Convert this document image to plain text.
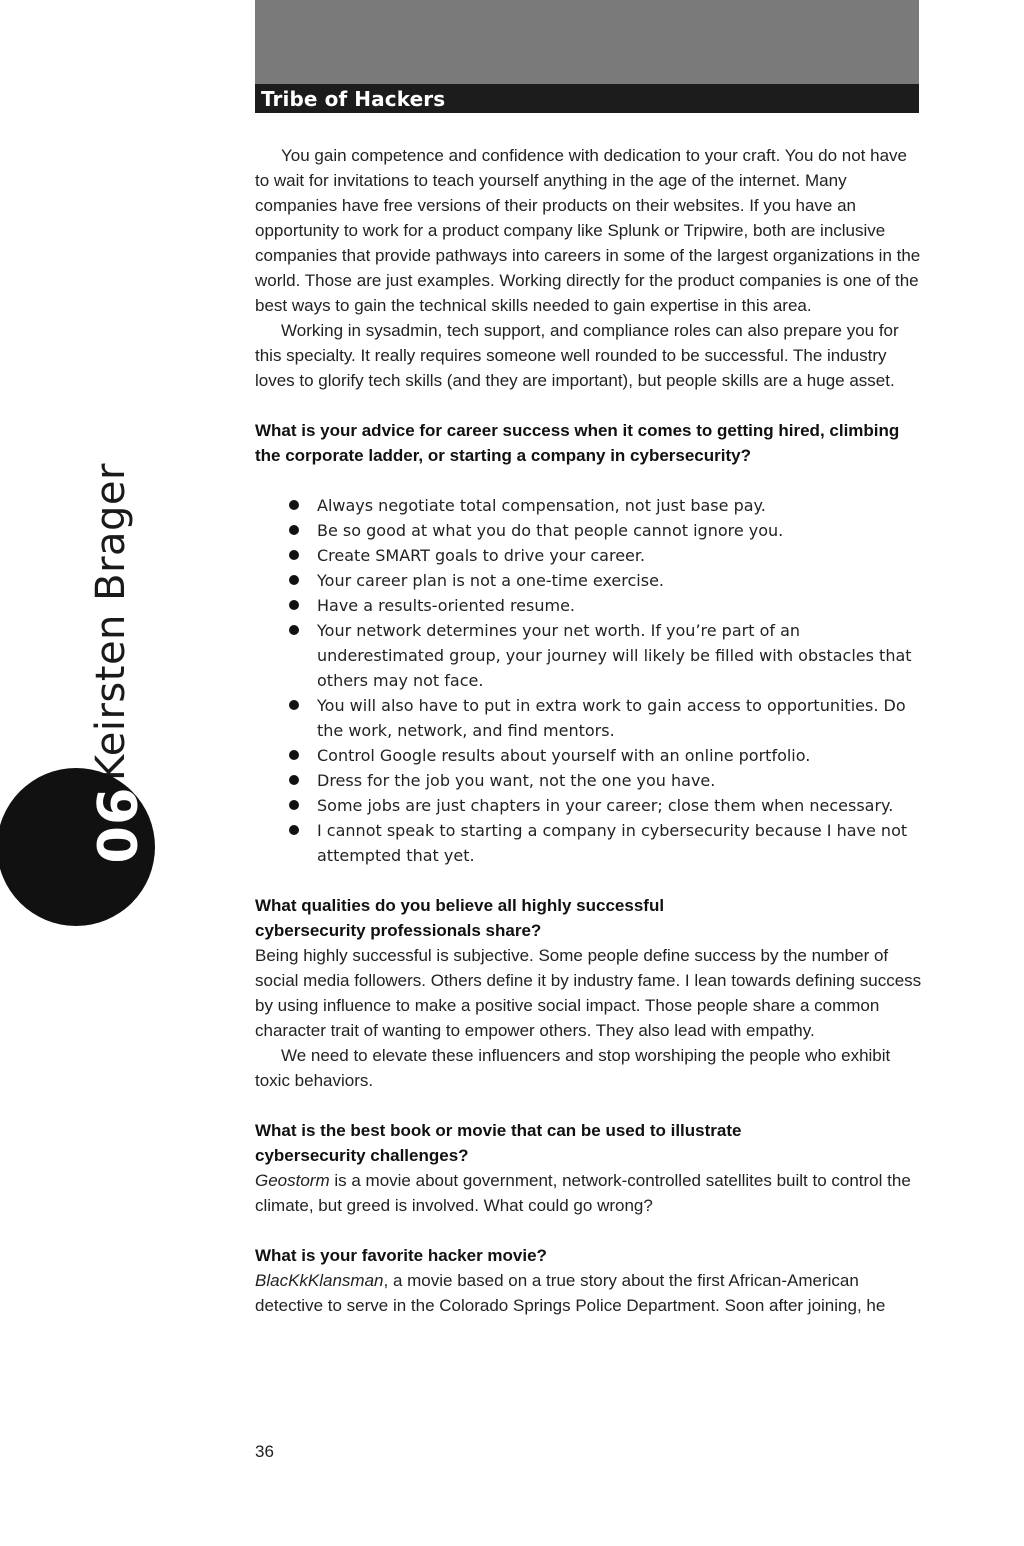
Tribe of Hackers
Keirsten Brager
06

You gain competence and confidence with dedication to your craft. You do not have to wait for invitations to teach yourself anything in the age of the internet. Many companies have free versions of their products on their websites. If you have an opportunity to work for a product company like Splunk or Tripwire, both are inclusive companies that provide pathways into careers in some of the largest organizations in the world. Those are just examples. Working directly for the product companies is one of the best ways to gain the technical skills needed to gain expertise in this area.

Working in sysadmin, tech support, and compliance roles can also prepare you for this specialty. It really requires someone well rounded to be successful. The industry loves to glorify tech skills (and they are important), but people skills are a huge asset.

What is your advice for career success when it comes to getting hired, climbing the corporate ladder, or starting a company in cybersecurity?

Always negotiate total compensation, not just base pay.
Be so good at what you do that people cannot ignore you.
Create SMART goals to drive your career.
Your career plan is not a one-time exercise.
Have a results-oriented resume.
Your network determines your net worth. If you’re part of an underestimated group, your journey will likely be filled with obstacles that others may not face.
You will also have to put in extra work to gain access to opportunities. Do the work, network, and find mentors.
Control Google results about yourself with an online portfolio.
Dress for the job you want, not the one you have.
Some jobs are just chapters in your career; close them when necessary.
I cannot speak to starting a company in cybersecurity because I have not attempted that yet.

What qualities do you believe all highly successful
cybersecurity professionals share?

Being highly successful is subjective. Some people define success by the number of social media followers. Others define it by industry fame. I lean towards defining success by using influence to make a positive social impact. Those people share a common character trait of wanting to empower others. They also lead with empathy.

We need to elevate these influencers and stop worshiping the people who exhibit toxic behaviors.

What is the best book or movie that can be used to illustrate
cybersecurity challenges?

Geostorm is a movie about government, network-controlled satellites built to control the climate, but greed is involved. What could go wrong?

What is your favorite hacker movie?

BlacKkKlansman, a movie based on a true story about the first African-American detective to serve in the Colorado Springs Police Department. Soon after joining, he

36
